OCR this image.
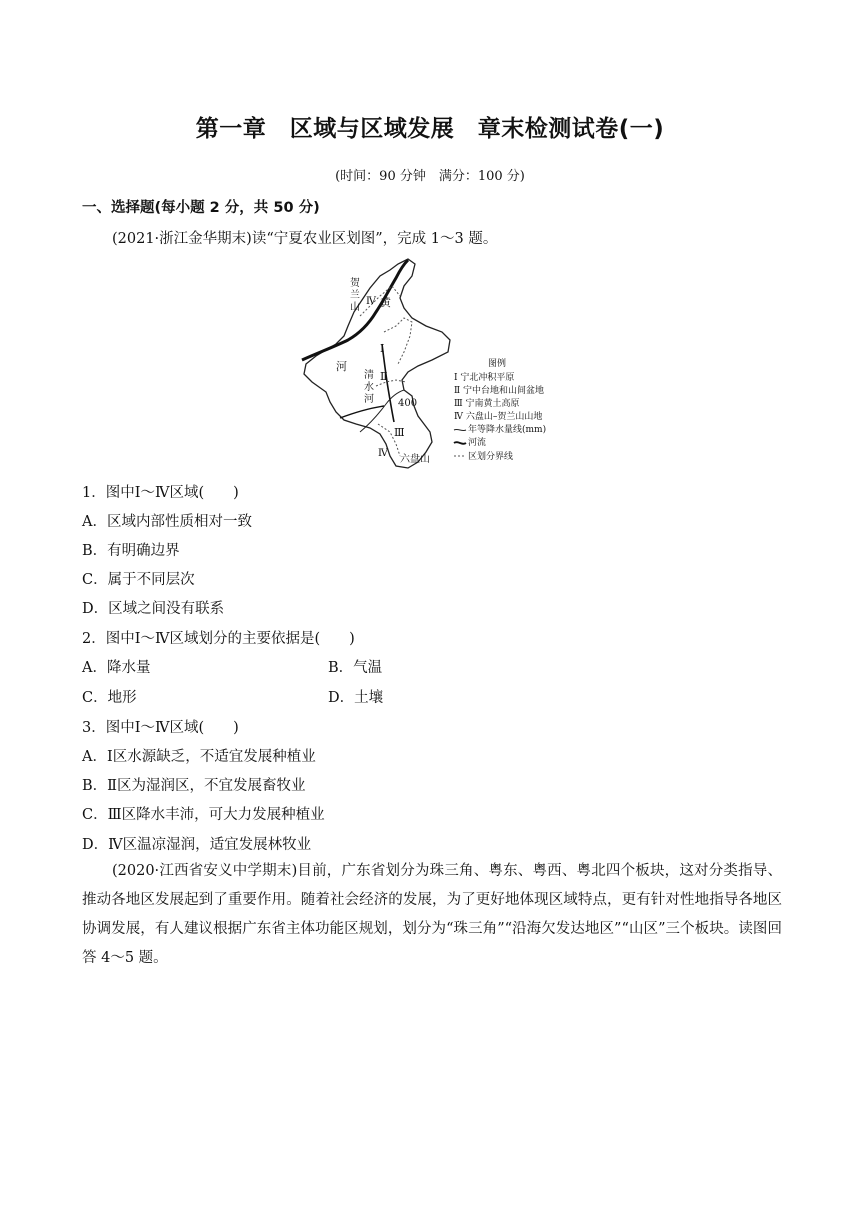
第一章　区域与区域发展　章末检测试卷(一)
(时间：90 分钟　满分：100 分)
一、选择题(每小题 2 分，共 50 分)
(2021·浙江金华期末)读“宁夏农业区划图”，完成 1～3 题。
贺
兰
山
Ⅳ 黄
Ⅰ
河
Ⅱ
清
水
河 400
Ⅲ
Ⅳ
六盘山
图例
Ⅰ 宁北冲积平原
Ⅱ 宁中台地和山间盆地
Ⅲ 宁南黄土高原
Ⅳ 六盘山–贺兰山山地
年等降水量线(mm)
河流
区划分界线
1．图中Ⅰ～Ⅳ区域(　　)
A．区域内部性质相对一致
B．有明确边界
C．属于不同层次
D．区域之间没有联系
2．图中Ⅰ～Ⅳ区域划分的主要依据是(　　)
A．降水量	B．气温
C．地形	D．土壤
3．图中Ⅰ～Ⅳ区域(　　)
A．Ⅰ区水源缺乏，不适宜发展种植业
B．Ⅱ区为湿润区，不宜发展畜牧业
C．Ⅲ区降水丰沛，可大力发展种植业
D．Ⅳ区温凉湿润，适宜发展林牧业
(2020·江西省安义中学期末)目前，广东省划分为珠三角、粤东、粤西、粤北四个板块，这对分类指导、推动各地区发展起到了重要作用。随着社会经济的发展，为了更好地体现区域特点，更有针对性地指导各地区协调发展，有人建议根据广东省主体功能区规划，划分为“珠三角”“沿海欠发达地区”“山区”三个板块。读图回答 4～5 题。
